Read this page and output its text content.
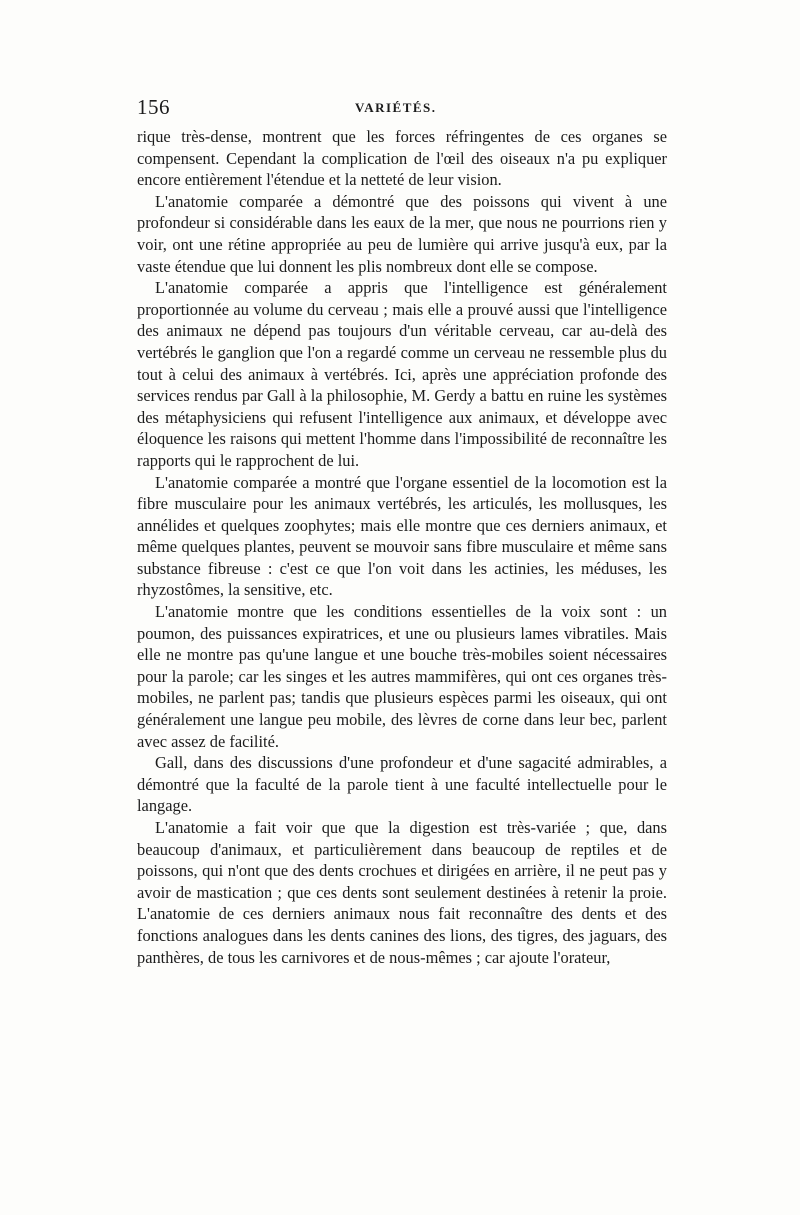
156	VARIÉTÉS.

rique très-dense, montrent que les forces réfringentes de ces organes se compensent. Cependant la complication de l'œil des oiseaux n'a pu expliquer encore entièrement l'étendue et la netteté de leur vision.

L'anatomie comparée a démontré que des poissons qui vivent à une profondeur si considérable dans les eaux de la mer, que nous ne pourrions rien y voir, ont une rétine appropriée au peu de lumière qui arrive jusqu'à eux, par la vaste étendue que lui donnent les plis nombreux dont elle se compose.

L'anatomie comparée a appris que l'intelligence est généralement proportionnée au volume du cerveau ; mais elle a prouvé aussi que l'intelligence des animaux ne dépend pas toujours d'un véritable cerveau, car au-delà des vertébrés le ganglion que l'on a regardé comme un cerveau ne ressemble plus du tout à celui des animaux à vertébrés. Ici, après une appréciation profonde des services rendus par Gall à la philosophie, M. Gerdy a battu en ruine les systèmes des métaphysiciens qui refusent l'intelligence aux animaux, et développe avec éloquence les raisons qui mettent l'homme dans l'impossibilité de reconnaître les rapports qui le rapprochent de lui.

L'anatomie comparée a montré que l'organe essentiel de la locomotion est la fibre musculaire pour les animaux vertébrés, les articulés, les mollusques, les annélides et quelques zoophytes; mais elle montre que ces derniers animaux, et même quelques plantes, peuvent se mouvoir sans fibre musculaire et même sans substance fibreuse : c'est ce que l'on voit dans les actinies, les méduses, les rhyzostômes, la sensitive, etc.

L'anatomie montre que les conditions essentielles de la voix sont : un poumon, des puissances expiratrices, et une ou plusieurs lames vibratiles. Mais elle ne montre pas qu'une langue et une bouche très-mobiles soient nécessaires pour la parole; car les singes et les autres mammifères, qui ont ces organes très-mobiles, ne parlent pas; tandis que plusieurs espèces parmi les oiseaux, qui ont généralement une langue peu mobile, des lèvres de corne dans leur bec, parlent avec assez de facilité.

Gall, dans des discussions d'une profondeur et d'une sagacité admirables, a démontré que la faculté de la parole tient à une faculté intellectuelle pour le langage.

L'anatomie a fait voir que que la digestion est très-variée ; que, dans beaucoup d'animaux, et particulièrement dans beaucoup de reptiles et de poissons, qui n'ont que des dents crochues et dirigées en arrière, il ne peut pas y avoir de mastication ; que ces dents sont seulement destinées à retenir la proie. L'anatomie de ces derniers animaux nous fait reconnaître des dents et des fonctions analogues dans les dents canines des lions, des tigres, des jaguars, des panthères, de tous les carnivores et de nous-mêmes ; car ajoute l'orateur,
